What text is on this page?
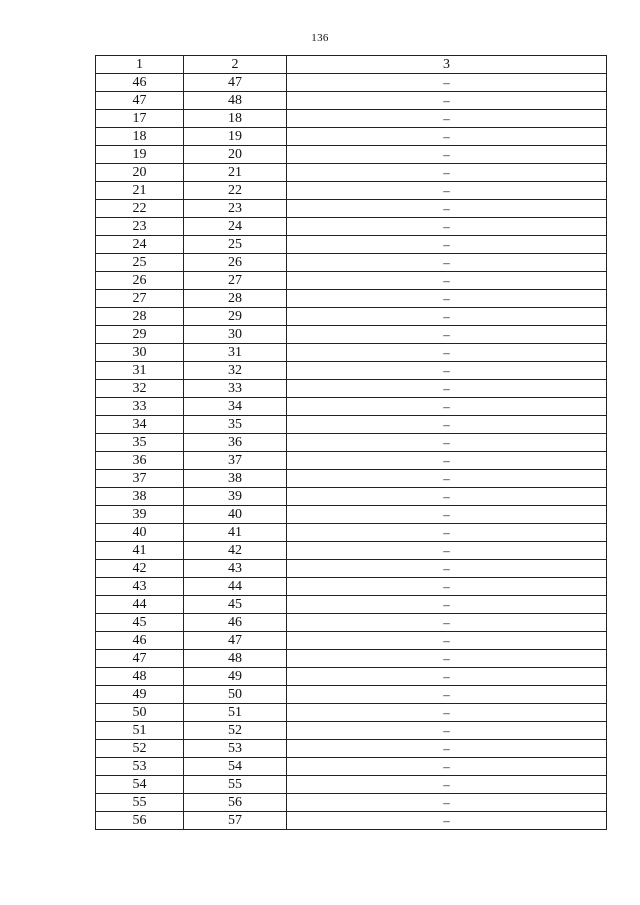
136
1	2	3
46	47	–
47	48	–
17	18	–
18	19	–
19	20	–
20	21	–
21	22	–
22	23	–
23	24	–
24	25	–
25	26	–
26	27	–
27	28	–
28	29	–
29	30	–
30	31	–
31	32	–
32	33	–
33	34	–
34	35	–
35	36	–
36	37	–
37	38	–
38	39	–
39	40	–
40	41	–
41	42	–
42	43	–
43	44	–
44	45	–
45	46	–
46	47	–
47	48	–
48	49	–
49	50	–
50	51	–
51	52	–
52	53	–
53	54	–
54	55	–
55	56	–
56	57	–
